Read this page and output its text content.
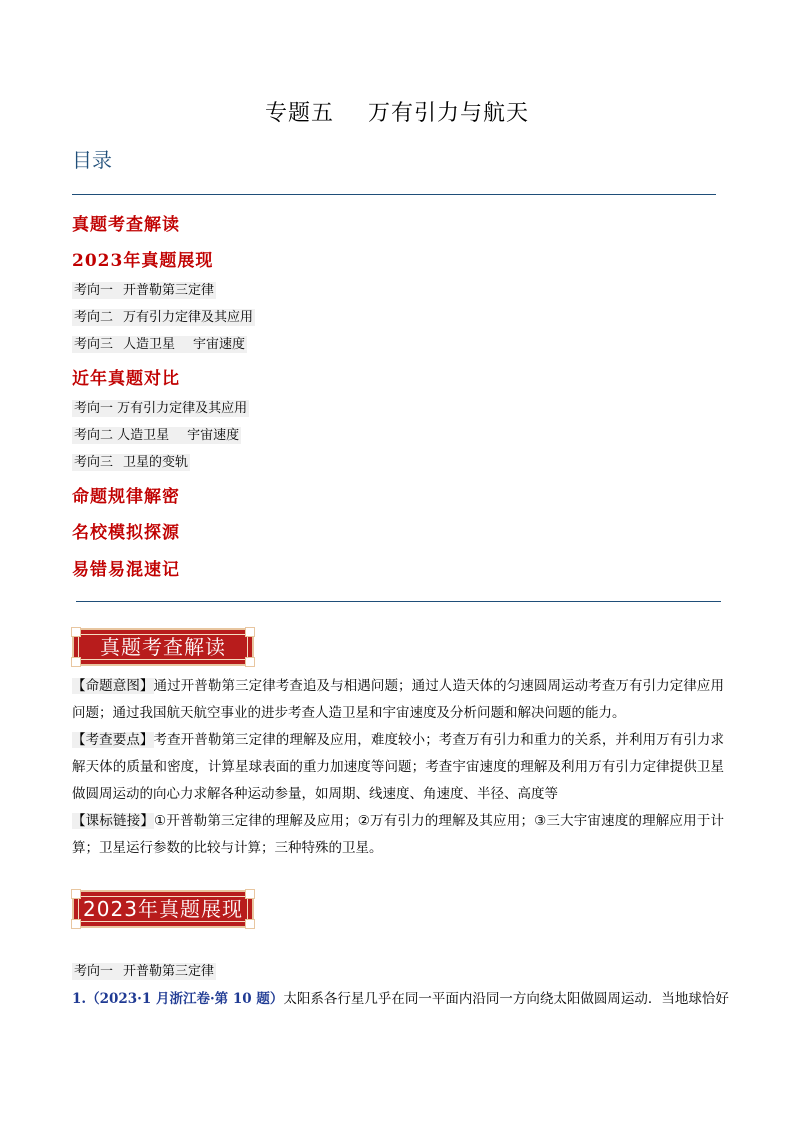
专题五 万有引力与航天
目录
真题考查解读
2023年真题展现
考向一 开普勒第三定律
考向二 万有引力定律及其应用
考向三 人造卫星 宇宙速度
近年真题对比
考向一 万有引力定律及其应用
考向二 人造卫星 宇宙速度
考向三 卫星的变轨
命题规律解密
名校模拟探源
易错易混速记
真题考查解读
【命题意图】通过开普勒第三定律考查追及与相遇问题；通过人造天体的匀速圆周运动考查万有引力定律应用问题；通过我国航天航空事业的进步考查人造卫星和宇宙速度及分析问题和解决问题的能力。
【考查要点】考查开普勒第三定律的理解及应用，难度较小；考查万有引力和重力的关系，并利用万有引力求解天体的质量和密度，计算星球表面的重力加速度等问题；考查宇宙速度的理解及利用万有引力定律提供卫星做圆周运动的向心力求解各种运动参量，如周期、线速度、角速度、半径、高度等
【课标链接】①开普勒第三定律的理解及应用；②万有引力的理解及其应用；③三大宇宙速度的理解应用于计算；卫星运行参数的比较与计算；三种特殊的卫星。
2023年真题展现
考向一 开普勒第三定律
1.（2023·1 月浙江卷·第 10 题）太阳系各行星几乎在同一平面内沿同一方向绕太阳做圆周运动．当地球恰好
